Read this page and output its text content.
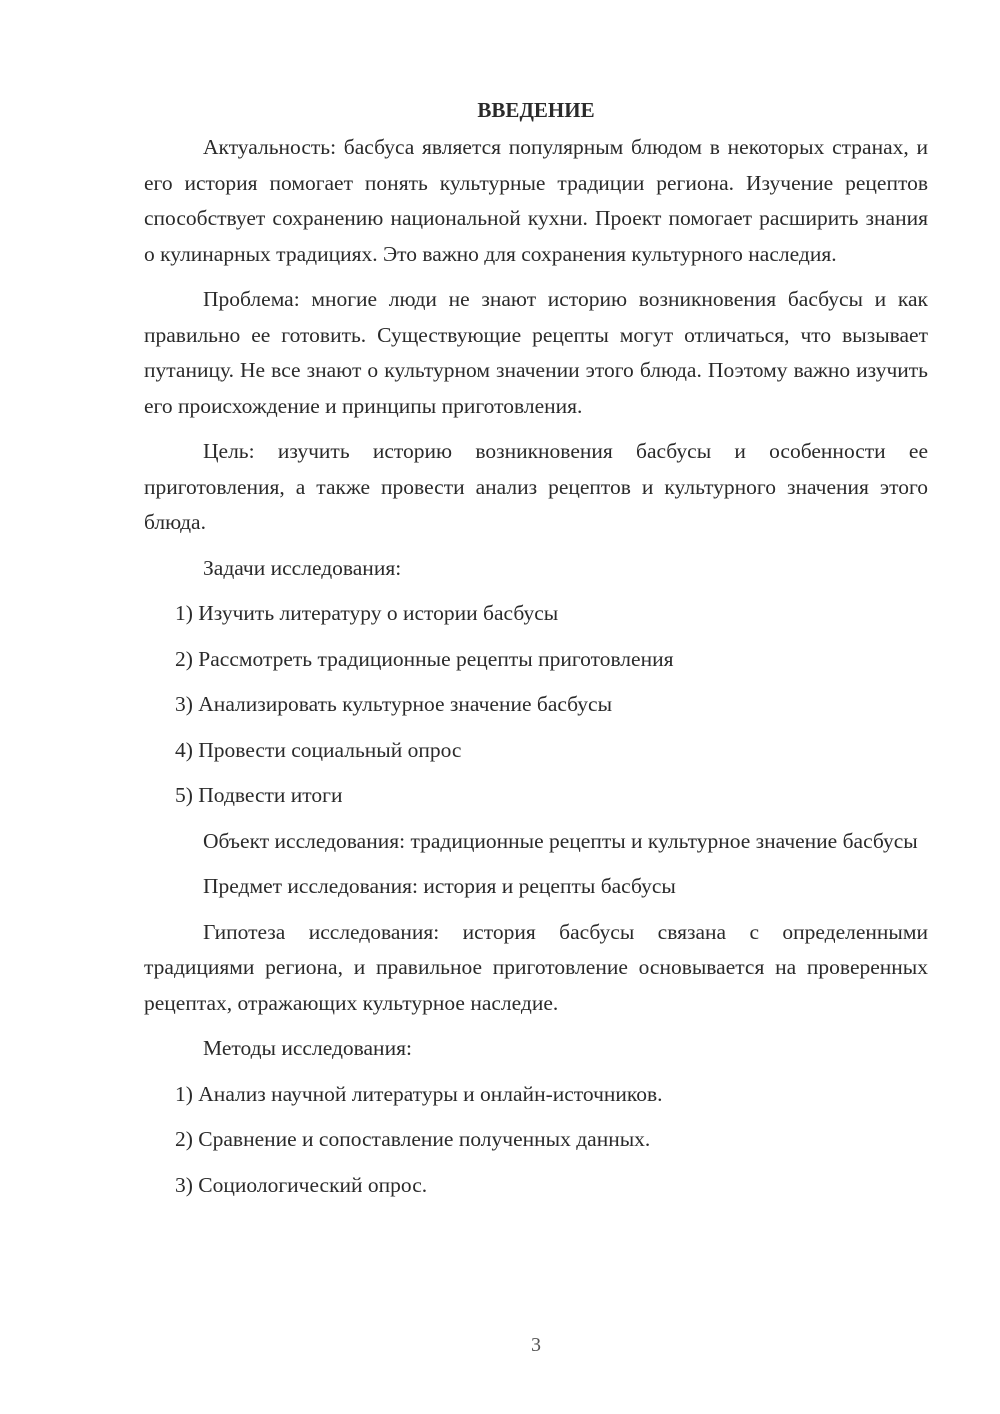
ВВЕДЕНИЕ

Актуальность: басбуса является популярным блюдом в некоторых странах, и его история помогает понять культурные традиции региона. Изучение рецептов способствует сохранению национальной кухни. Проект помогает расширить знания о кулинарных традициях. Это важно для сохранения культурного наследия.

Проблема: многие люди не знают историю возникновения басбусы и как правильно ее готовить. Существующие рецепты могут отличаться, что вызывает путаницу. Не все знают о культурном значении этого блюда. Поэтому важно изучить его происхождение и принципы приготовления.

Цель: изучить историю возникновения басбусы и особенности ее приготовления, а также провести анализ рецептов и культурного значения этого блюда.

Задачи исследования:

1) Изучить литературу о истории басбусы

2) Рассмотреть традиционные рецепты приготовления

3) Анализировать культурное значение басбусы

4) Провести социальный опрос

5) Подвести итоги

Объект исследования: традиционные рецепты и культурное значение басбусы

Предмет исследования: история и рецепты басбусы

Гипотеза исследования: история басбусы связана с определенными традициями региона, и правильное приготовление основывается на проверенных рецептах, отражающих культурное наследие.

Методы исследования:

1) Анализ научной литературы и онлайн-источников.

2) Сравнение и сопоставление полученных данных.

3) Социологический опрос.

3
